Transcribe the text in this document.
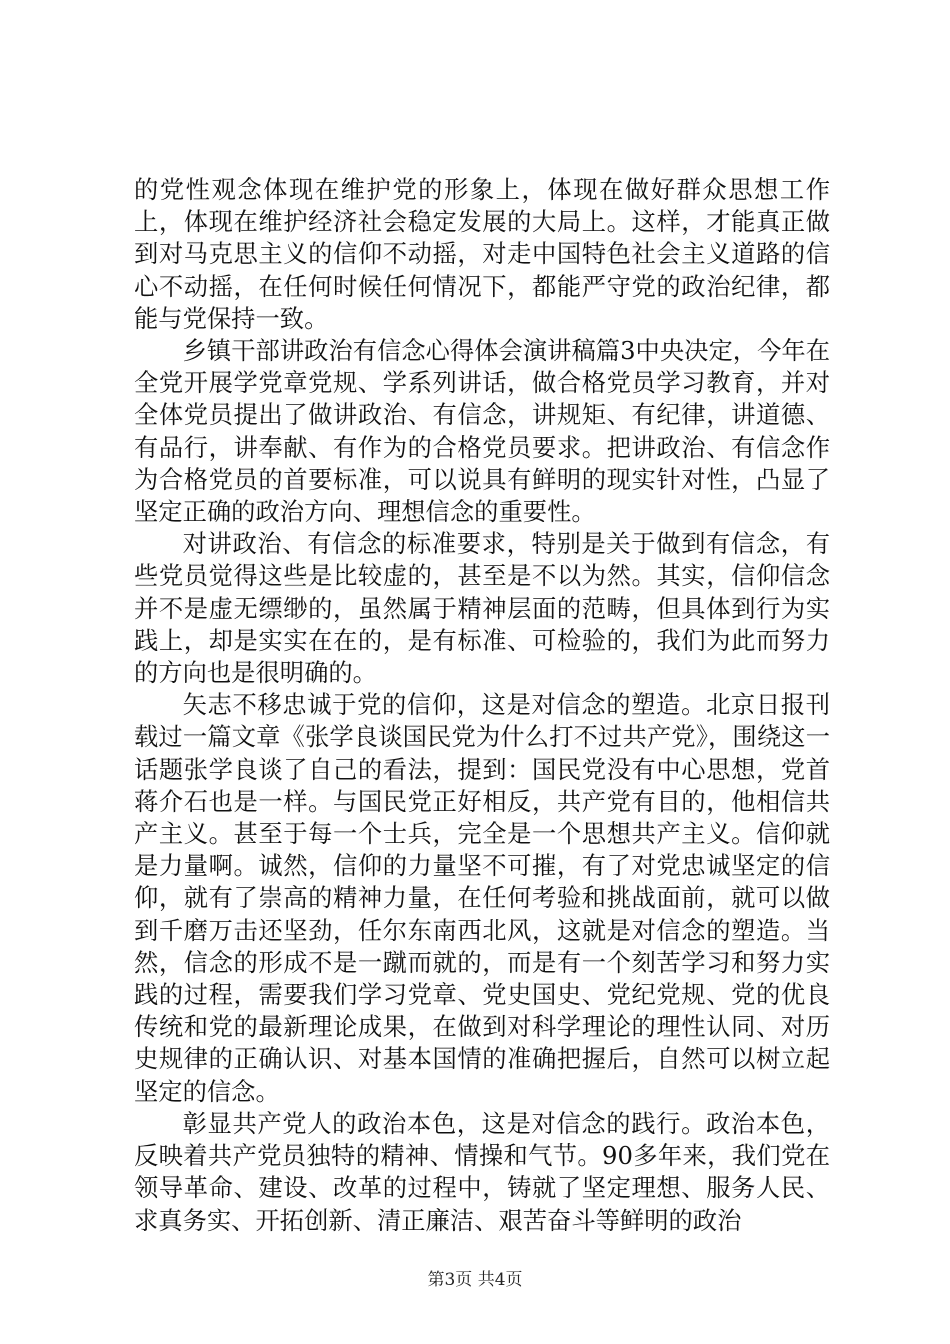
的党性观念体现在维护党的形象上，体现在做好群众思想工作上，体现在维护经济社会稳定发展的大局上。这样，才能真正做到对马克思主义的信仰不动摇，对走中国特色社会主义道路的信心不动摇，在任何时候任何情况下，都能严守党的政治纪律，都能与党保持一致。

乡镇干部讲政治有信念心得体会演讲稿篇3中央决定，今年在全党开展学党章党规、学系列讲话，做合格党员学习教育，并对全体党员提出了做讲政治、有信念，讲规矩、有纪律，讲道德、有品行，讲奉献、有作为的合格党员要求。把讲政治、有信念作为合格党员的首要标准，可以说具有鲜明的现实针对性，凸显了坚定正确的政治方向、理想信念的重要性。

对讲政治、有信念的标准要求，特别是关于做到有信念，有些党员觉得这些是比较虚的，甚至是不以为然。其实，信仰信念并不是虚无缥缈的，虽然属于精神层面的范畴，但具体到行为实践上，却是实实在在的，是有标准、可检验的，我们为此而努力的方向也是很明确的。

矢志不移忠诚于党的信仰，这是对信念的塑造。北京日报刊载过一篇文章《张学良谈国民党为什么打不过共产党》，围绕这一话题张学良谈了自己的看法，提到：国民党没有中心思想，党首蒋介石也是一样。与国民党正好相反，共产党有目的，他相信共产主义。甚至于每一个士兵，完全是一个思想共产主义。信仰就是力量啊。诚然，信仰的力量坚不可摧，有了对党忠诚坚定的信仰，就有了崇高的精神力量，在任何考验和挑战面前，就可以做到千磨万击还坚劲，任尔东南西北风，这就是对信念的塑造。当然，信念的形成不是一蹴而就的，而是有一个刻苦学习和努力实践的过程，需要我们学习党章、党史国史、党纪党规、党的优良传统和党的最新理论成果，在做到对科学理论的理性认同、对历史规律的正确认识、对基本国情的准确把握后，自然可以树立起坚定的信念。

彰显共产党人的政治本色，这是对信念的践行。政治本色，反映着共产党员独特的精神、情操和气节。90多年来，我们党在领导革命、建设、改革的过程中，铸就了坚定理想、服务人民、求真务实、开拓创新、清正廉洁、艰苦奋斗等鲜明的政治

第3页 共4页
